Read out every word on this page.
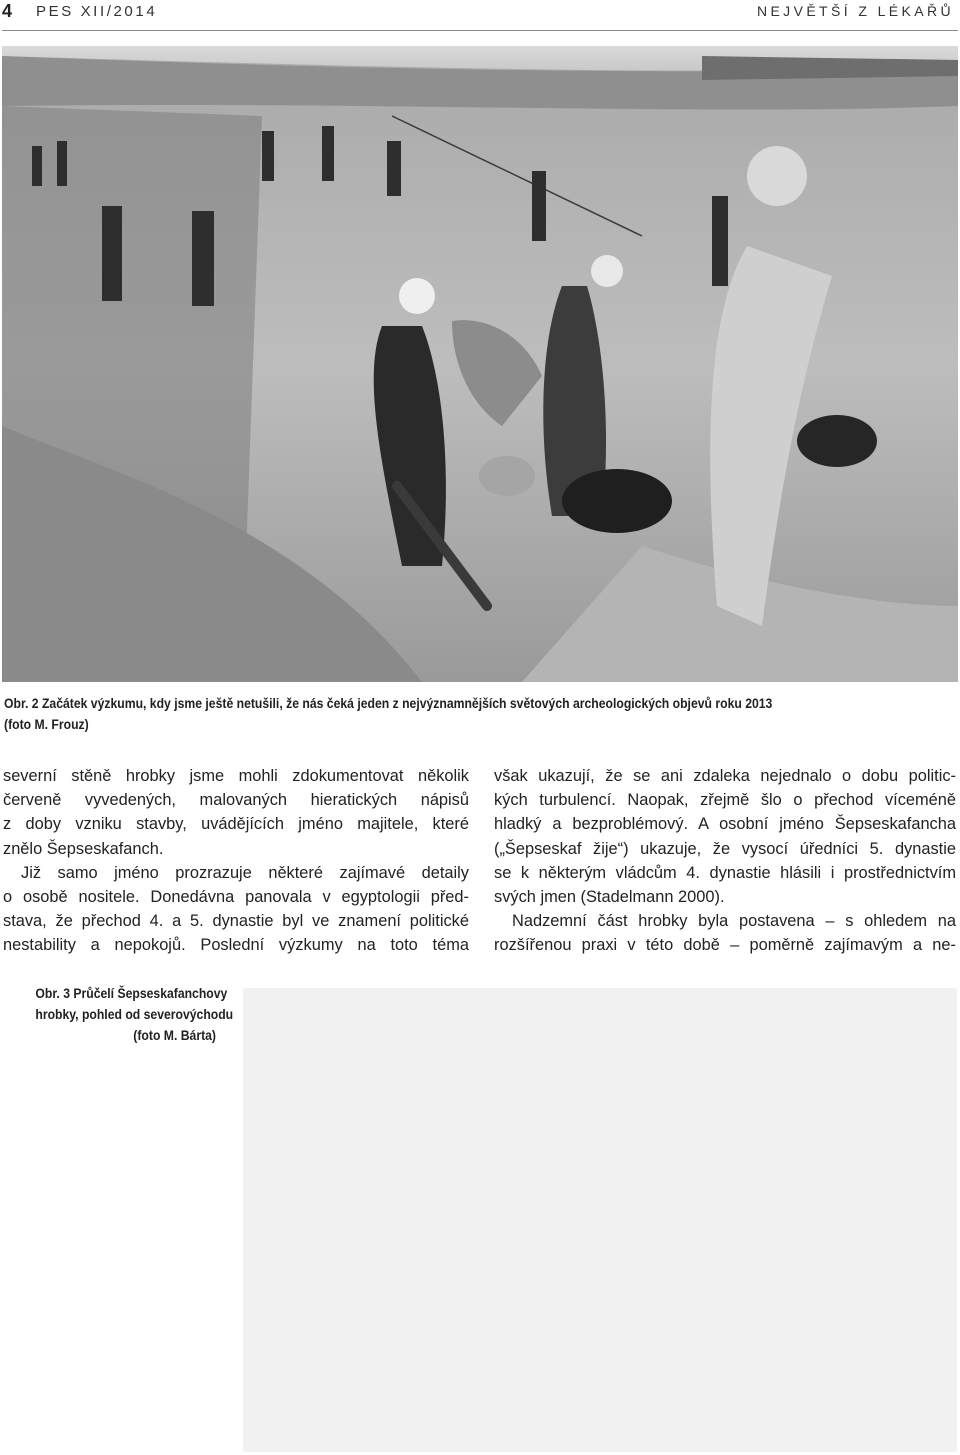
4 PES XII/2014	NEJVĚTŠÍ Z LÉKAŘŮ
Obr. 2 Začátek výzkumu, kdy jsme ještě netušili, že nás čeká jeden z nejvýznamnějších světových archeologických objevů roku 2013
(foto M. Frouz)

severní stěně hrobky jsme mohli zdokumentovat několik
červeně vyvedených, malovaných hieratických nápisů
z doby vzniku stavby, uvádějících jméno majitele, které
znělo Šepseskafanch.

Již samo jméno prozrazuje některé zajímavé detaily
o osobě nositele. Donedávna panovala v egyptologii před-
stava, že přechod 4. a 5. dynastie byl ve znamení politické
nestability a nepokojů. Poslední výzkumy na toto téma

však ukazují, že se ani zdaleka nejednalo o dobu politic-
kých turbulencí. Naopak, zřejmě šlo o přechod víceméně
hladký a bezproblémový. A osobní jméno Šepseskafancha
(„Šepseskaf žije“) ukazuje, že vysocí úředníci 5. dynastie
se k některým vládcům 4. dynastie hlásili i prostřednictvím
svých jmen (Stadelmann 2000).

Nadzemní část hrobky byla postavena – s ohledem na
rozšířenou praxi v této době – poměrně zajímavým a ne-

Obr. 3 Průčelí Šepseskafanchovy
hrobky, pohled od severovýchodu
(foto M. Bárta)
